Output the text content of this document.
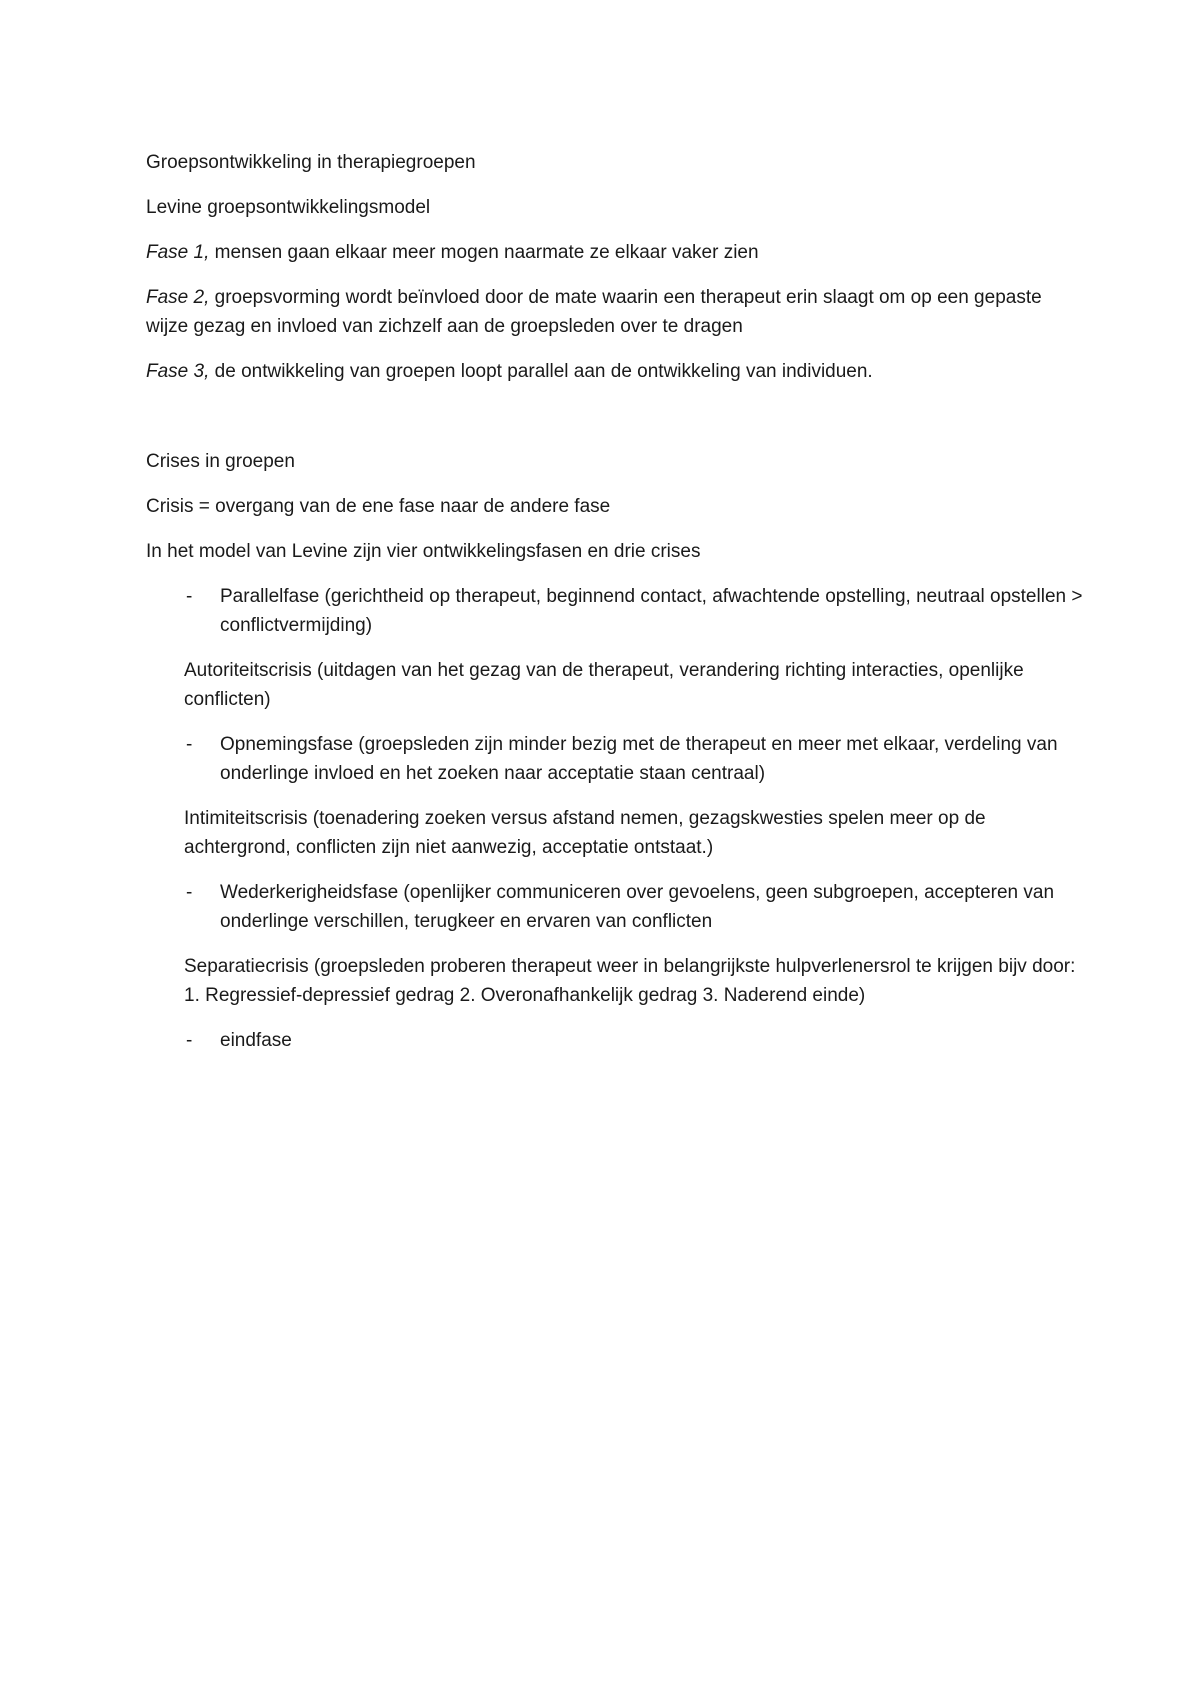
Groepsontwikkeling in therapiegroepen

Levine groepsontwikkelingsmodel

Fase 1, mensen gaan elkaar meer mogen naarmate ze elkaar vaker zien

Fase 2, groepsvorming wordt beïnvloed door de mate waarin een therapeut erin slaagt om op een gepaste wijze gezag en invloed van zichzelf aan de groepsleden over te dragen

Fase 3, de ontwikkeling van groepen loopt parallel aan de ontwikkeling van individuen.

Crises in groepen

Crisis = overgang van de ene fase naar de andere fase

In het model van Levine zijn vier ontwikkelingsfasen en drie crises

- Parallelfase (gerichtheid op therapeut, beginnend contact, afwachtende opstelling, neutraal opstellen > conflictvermijding)
Autoriteitscrisis (uitdagen van het gezag van de therapeut, verandering richting interacties, openlijke conflicten)
- Opnemingsfase (groepsleden zijn minder bezig met de therapeut en meer met elkaar, verdeling van onderlinge invloed en het zoeken naar acceptatie staan centraal)
Intimiteitscrisis (toenadering zoeken versus afstand nemen, gezagskwesties spelen meer op de achtergrond, conflicten zijn niet aanwezig, acceptatie ontstaat.)
- Wederkerigheidsfase (openlijker communiceren over gevoelens, geen subgroepen, accepteren van onderlinge verschillen, terugkeer en ervaren van conflicten
Separatiecrisis (groepsleden proberen therapeut weer in belangrijkste hulpverlenersrol te krijgen bijv door: 1. Regressief-depressief gedrag 2. Overonafhankelijk gedrag 3. Naderend einde)
- eindfase
